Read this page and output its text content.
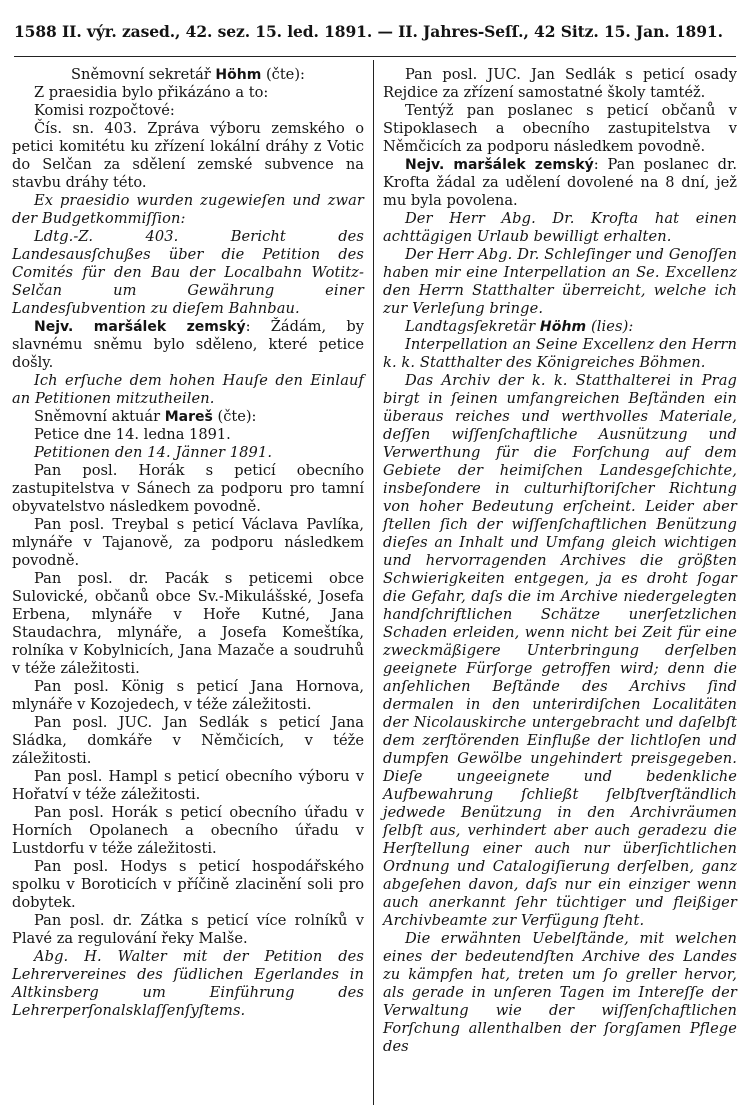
1588 II. výr. zased., 42. sez. 15. led. 1891. — II. Jahres-Seſſ., 42 Sitz. 15. Jan. 1891.

Sněmovní sekretář Höhm (čte):

Z praesidia bylo přikázáno a to:

Komisi rozpočtové:

Čís. sn. 403. Zpráva výboru zemského o petici komitétu ku zřízení lokální dráhy z Votic do Selčan za sdělení zemské subvence na stavbu dráhy této.

Ex praesidio wurden zugewieſen und zwar der Budgetkommiſſion:

Ldtg.-Z. 403. Bericht des Landesausſchußes über die Petition des Comités für den Bau der Localbahn Wotitz-Selčan um Gewährung einer Landesſubvention zu dieſem Bahnbau.

Nejv. maršálek zemský: Žádám, by slavnému sněmu bylo sděleno, které petice došly.

Ich erſuche dem hohen Hauſe den Einlauf an Petitionen mitzutheilen.

Sněmovní aktuár Mareš (čte):

Petice dne 14. ledna 1891.

Petitionen den 14. Jänner 1891.

Pan posl. Horák s peticí obecního zastupitelstva v Sánech za podporu pro tamní obyvatelstvo následkem povodně.

Pan posl. Treybal s peticí Václava Pavlíka, mlynáře v Tajanově, za podporu následkem povodně.

Pan posl. dr. Pacák s peticemi obce Sulovické, občanů obce Sv.-Mikulášské, Josefa Erbena, mlynáře v Hoře Kutné, Jana Staudachra, mlynáře, a Josefa Komeštíka, rolníka v Kobylnicích, Jana Mazače a soudruhů v téže záležitosti.

Pan posl. König s peticí Jana Hornova, mlynáře v Kozojedech, v téže záležitosti.

Pan posl. JUC. Jan Sedlák s peticí Jana Sládka, domkáře v Němčicích, v téže záležitosti.

Pan posl. Hampl s peticí obecního výboru v Hořatví v téže záležitosti.

Pan posl. Horák s peticí obecního úřadu v Horních Opolanech a obecního úřadu v Lustdorfu v téže záležitosti.

Pan posl. Hodys s peticí hospodářského spolku v Boroticích v příčině zlacinění soli pro dobytek.

Pan posl. dr. Zátka s peticí více rolníků v Plavé za regulování řeky Malše.

Abg. H. Walter mit der Petition des Lehrervereines des ſüdlichen Egerlandes in Altkinsberg um Einführung des Lehrerperſonalsklaſſenſyſtems.

Pan posl. JUC. Jan Sedlák s peticí osady Rejdice za zřízení samostatné školy tamtéž.

Tentýž pan poslanec s peticí občanů v Stipoklasech a obecního zastupitelstva v Němčicích za podporu následkem povodně.

Nejv. maršálek zemský: Pan poslanec dr. Krofta žádal za udělení dovolené na 8 dní, jež mu byla povolena.

Der Herr Abg. Dr. Krofta hat einen achttägigen Urlaub bewilligt erhalten.

Der Herr Abg. Dr. Schleſinger und Genoſſen haben mir eine Interpellation an Se. Excellenz den Herrn Statthalter überreicht, welche ich zur Verleſung bringe.

Landtagsſekretär Höhm (lies):

Interpellation an Seine Excellenz den Herrn k. k. Statthalter des Königreiches Böhmen.

Das Archiv der k. k. Statthalterei in Prag birgt in ſeinen umfangreichen Beſtänden ein überaus reiches und werthvolles Materiale, deſſen wiſſenſchaftliche Ausnützung und Verwerthung für die Forſchung auf dem Gebiete der heimiſchen Landesgeſchichte, insbeſondere in culturhiſtoriſcher Richtung von hoher Bedeutung erſcheint. Leider aber ſtellen ſich der wiſſenſchaftlichen Benützung dieſes an Inhalt und Umfang gleich wichtigen und hervorragenden Archives die größten Schwierigkeiten entgegen, ja es droht ſogar die Gefahr, daſs die im Archive niedergelegten handſchriftlichen Schätze unerſetzlichen Schaden erleiden, wenn nicht bei Zeit für eine zweckmäßigere Unterbringung derſelben geeignete Fürſorge getroffen wird; denn die anſehlichen Beſtände des Archivs ſind dermalen in den unterirdiſchen Localitäten der Nicolauskirche untergebracht und daſelbſt dem zerſtörenden Einfluße der lichtloſen und dumpfen Gewölbe ungehindert preisgegeben. Dieſe ungeeignete und bedenkliche Aufbewahrung ſchließt ſelbſtverſtändlich jedwede Benützung in den Archivräumen ſelbſt aus, verhindert aber auch geradezu die Herſtellung einer auch nur überſichtlichen Ordnung und Catalogiſierung derſelben, ganz abgeſehen davon, daſs nur ein einziger wenn auch anerkannt ſehr tüchtiger und fleißiger Archivbeamte zur Verfügung ſteht.

Die erwähnten Uebelſtände, mit welchen eines der bedeutendſten Archive des Landes zu kämpfen hat, treten um ſo greller hervor, als gerade in unſeren Tagen im Intereſſe der Verwaltung wie der wiſſenſchaftlichen Forſchung allenthalben der ſorgſamen Pflege des
